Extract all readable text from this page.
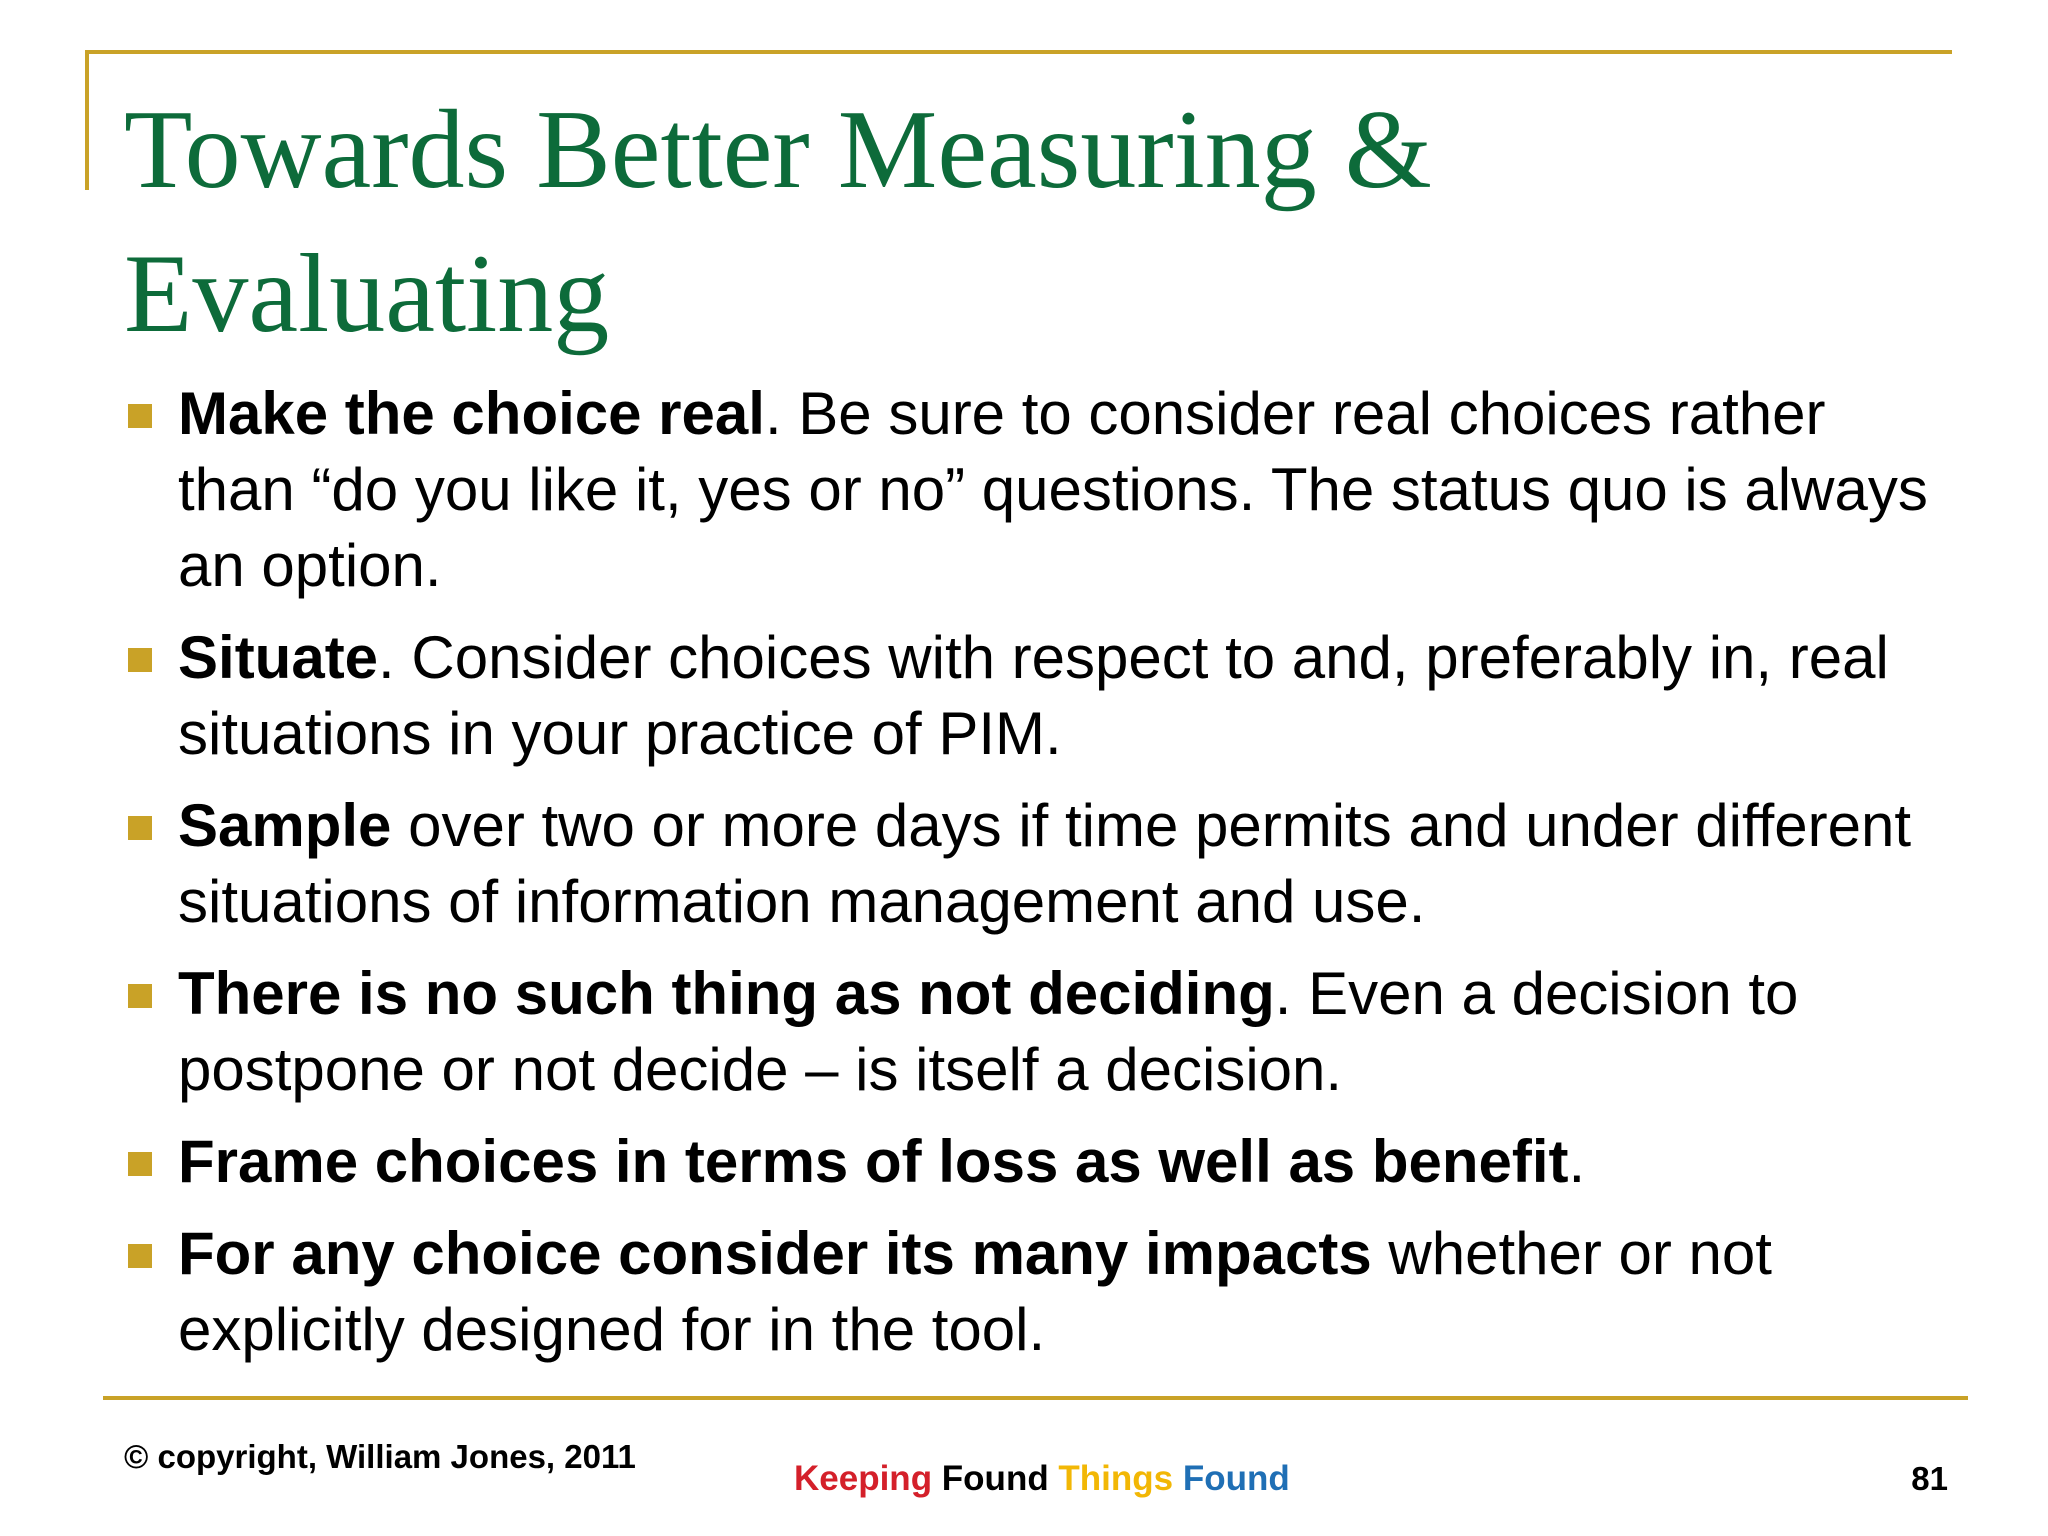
Towards Better Measuring & Evaluating
Make the choice real. Be sure to consider real choices rather than “do you like it, yes or no” questions. The status quo is always an option.
Situate. Consider choices with respect to and, preferably in, real situations in your practice of PIM.
Sample over two or more days if time permits and under different situations of information management and use.
There is no such thing as not deciding. Even a decision to postpone or not decide – is itself a decision.
Frame choices in terms of loss as well as benefit.
For any choice consider its many impacts whether or not explicitly designed for in the tool.
© copyright, William Jones, 2011
Keeping Found Things Found	81
